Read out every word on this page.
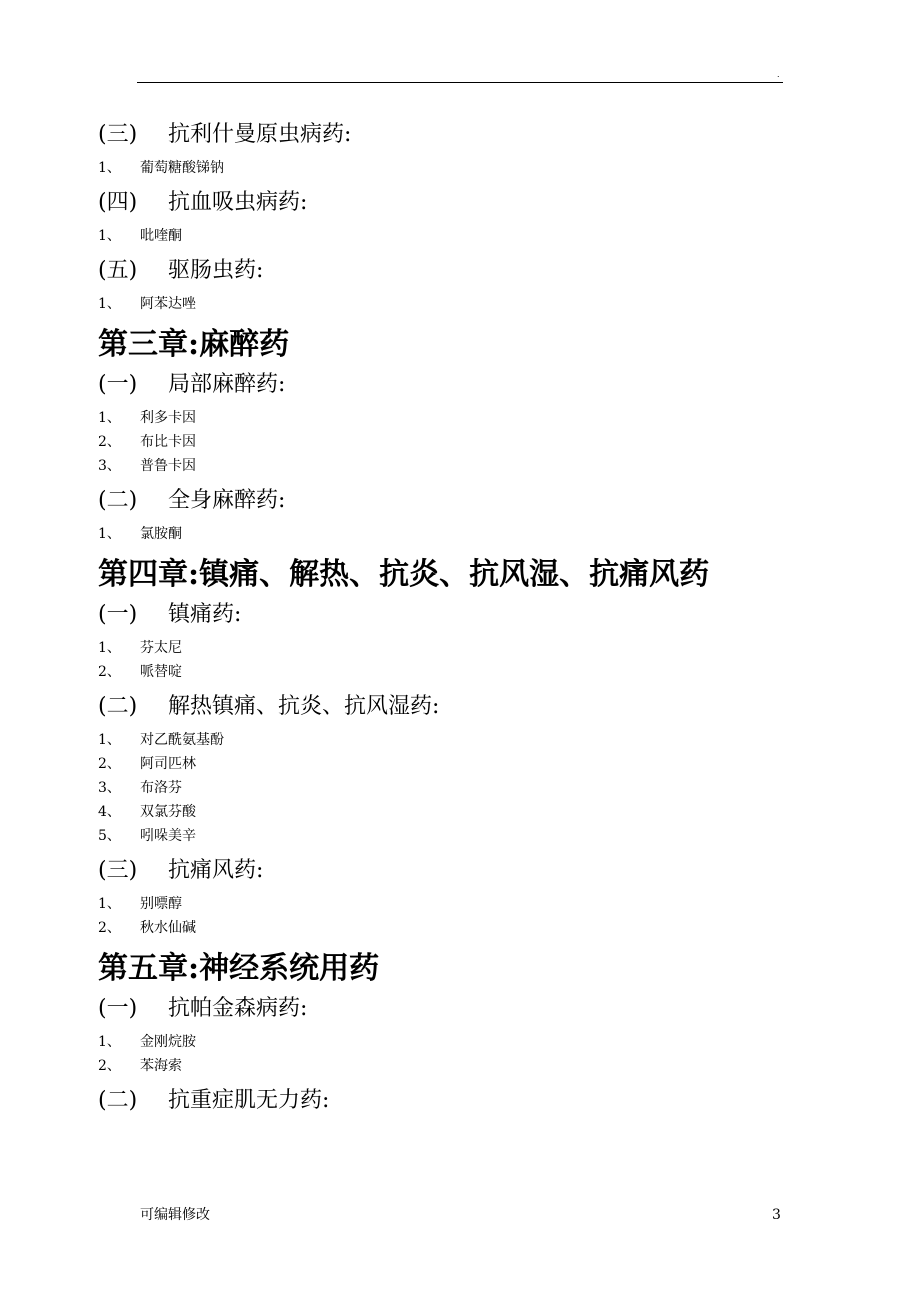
.
(三) 抗利什曼原虫病药:
1、 葡萄糖酸锑钠
(四) 抗血吸虫病药:
1、 吡喹酮
(五) 驱肠虫药:
1、 阿苯达唑
第三章:麻醉药
(一) 局部麻醉药:
1、 利多卡因
2、 布比卡因
3、 普鲁卡因
(二) 全身麻醉药:
1、 氯胺酮
第四章:镇痛、解热、抗炎、抗风湿、抗痛风药
(一) 镇痛药:
1、 芬太尼
2、 哌替啶
(二) 解热镇痛、抗炎、抗风湿药:
1、 对乙酰氨基酚
2、 阿司匹林
3、 布洛芬
4、 双氯芬酸
5、 吲哚美辛
(三) 抗痛风药:
1、 别嘌醇
2、 秋水仙碱
第五章:神经系统用药
(一) 抗帕金森病药:
1、 金刚烷胺
2、 苯海索
(二) 抗重症肌无力药:
可编辑修改	3
